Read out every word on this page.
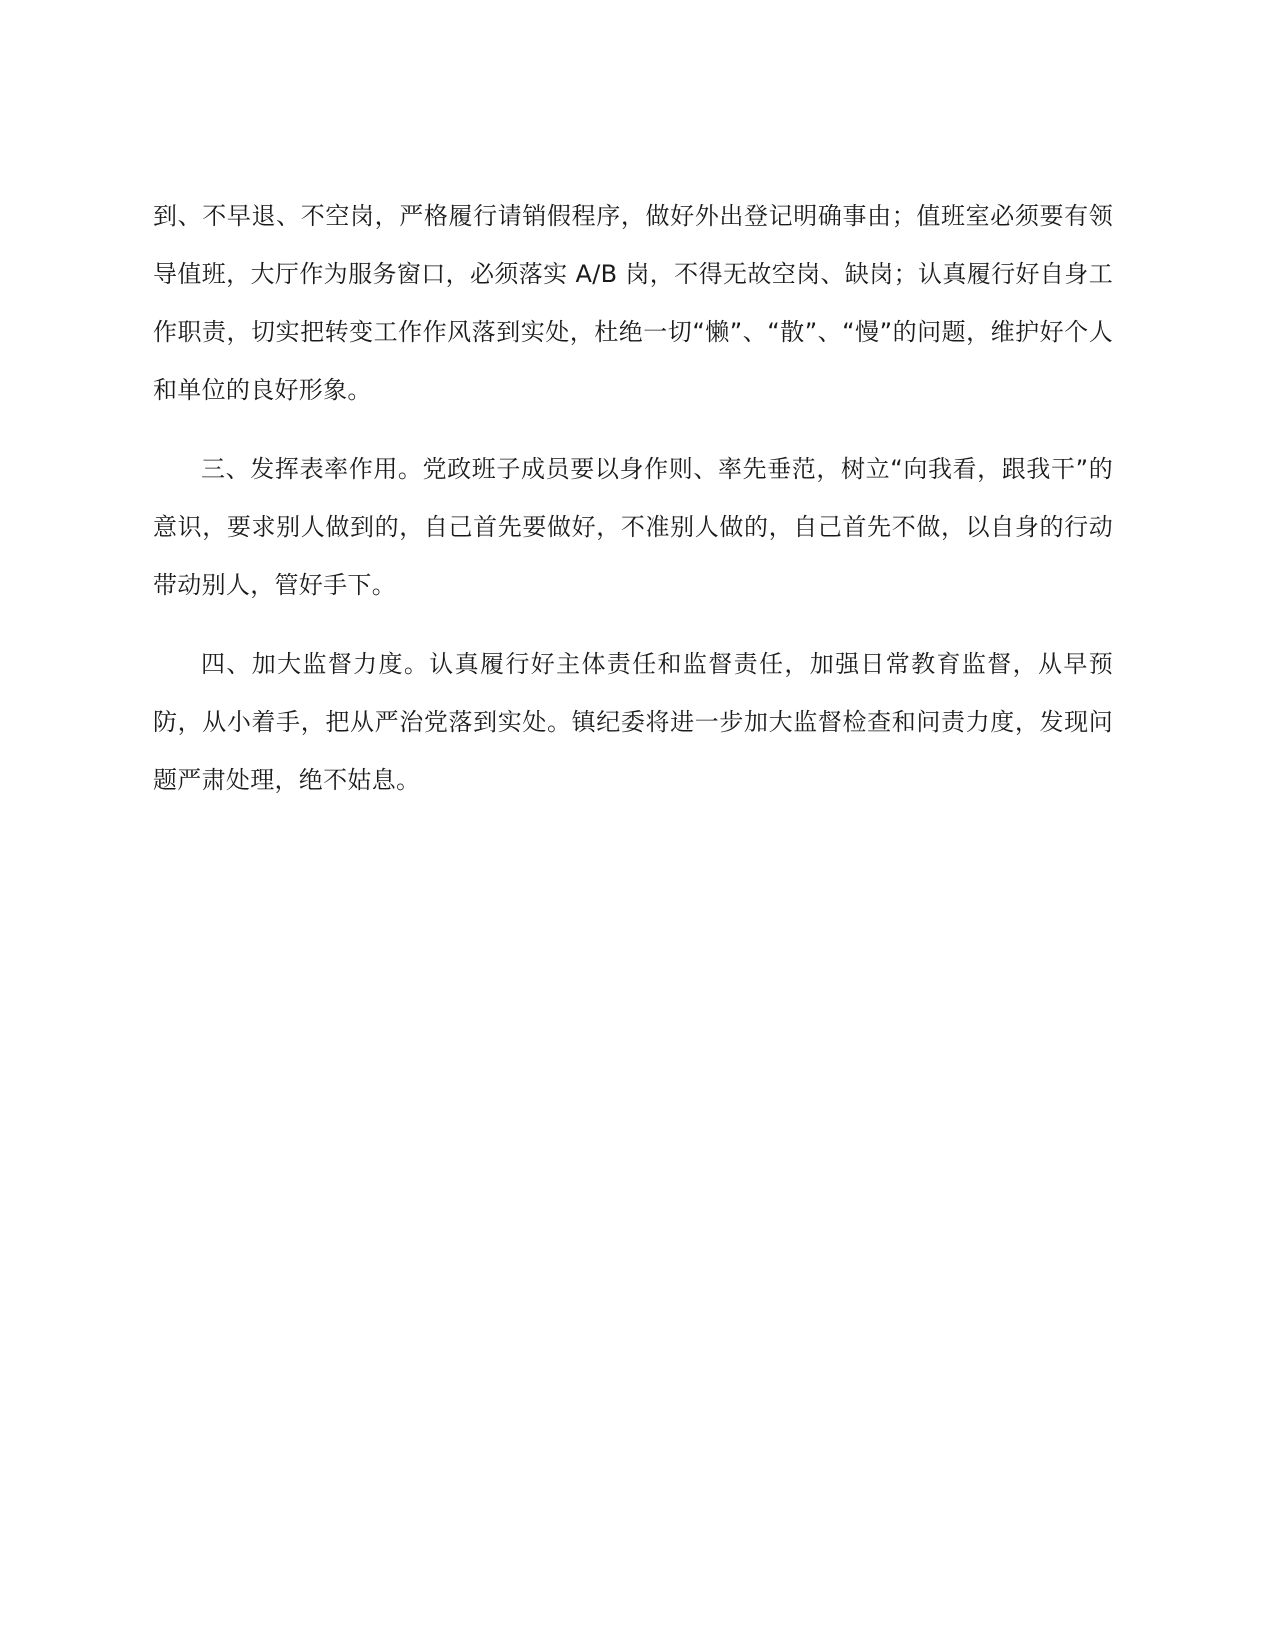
到、不早退、不空岗，严格履行请销假程序，做好外出登记明确事由；值班室必须要有领导值班，大厅作为服务窗口，必须落实 A/B 岗，不得无故空岗、缺岗；认真履行好自身工作职责，切实把转变工作作风落到实处，杜绝一切“懒”、“散”、“慢”的问题，维护好个人和单位的良好形象。

三、发挥表率作用。党政班子成员要以身作则、率先垂范，树立“向我看，跟我干”的意识，要求别人做到的，自己首先要做好，不准别人做的，自己首先不做，以自身的行动带动别人，管好手下。

四、加大监督力度。认真履行好主体责任和监督责任，加强日常教育监督，从早预防，从小着手，把从严治党落到实处。镇纪委将进一步加大监督检查和问责力度，发现问题严肃处理，绝不姑息。
